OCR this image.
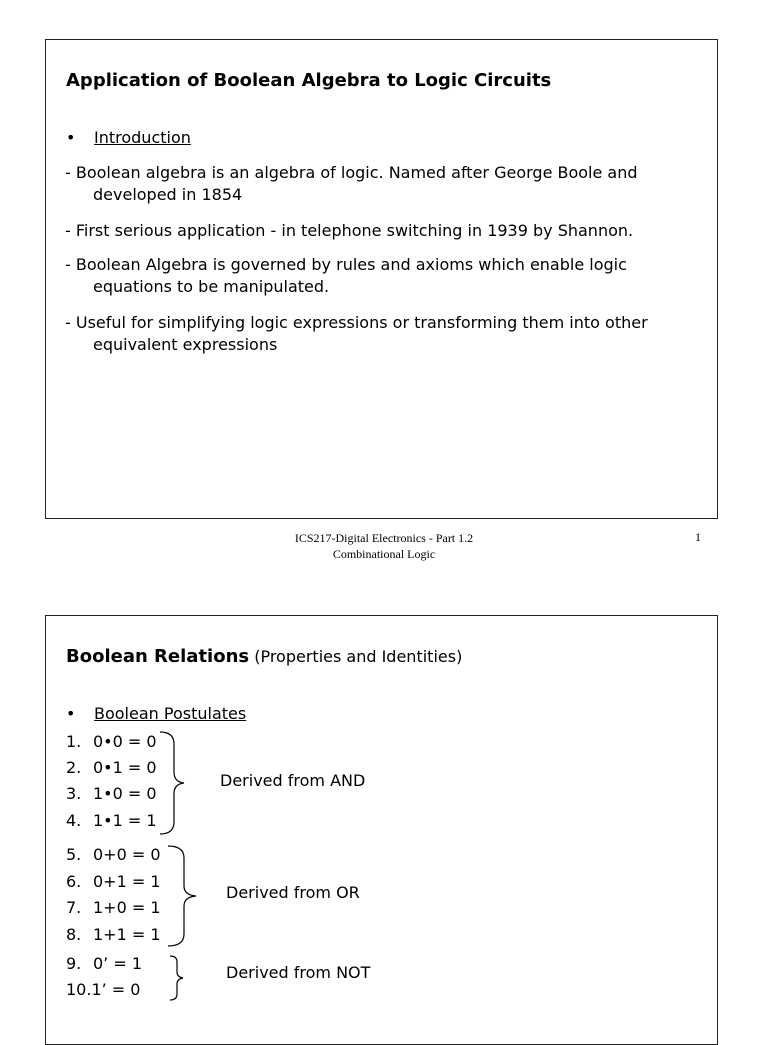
Application of Boolean Algebra to Logic Circuits
• Introduction
- Boolean algebra is an algebra of logic. Named after George Boole and developed in 1854
- First serious application - in telephone switching in 1939 by Shannon.
- Boolean Algebra is governed by rules and axioms which enable logic equations to be manipulated.
- Useful for simplifying logic expressions or transforming them into other equivalent expressions
ICS217-Digital Electronics - Part 1.2
Combinational Logic
1
Boolean Relations (Properties and Identities)
• Boolean Postulates
1. 0•0 = 0
2. 0•1 = 0
3. 1•0 = 0
4. 1•1 = 1
5. 0+0 = 0
6. 0+1 = 1
7. 1+0 = 1
8. 1+1 = 1
9. 0’ = 1
10.1’ = 0
Derived from AND
Derived from OR
Derived from NOT
